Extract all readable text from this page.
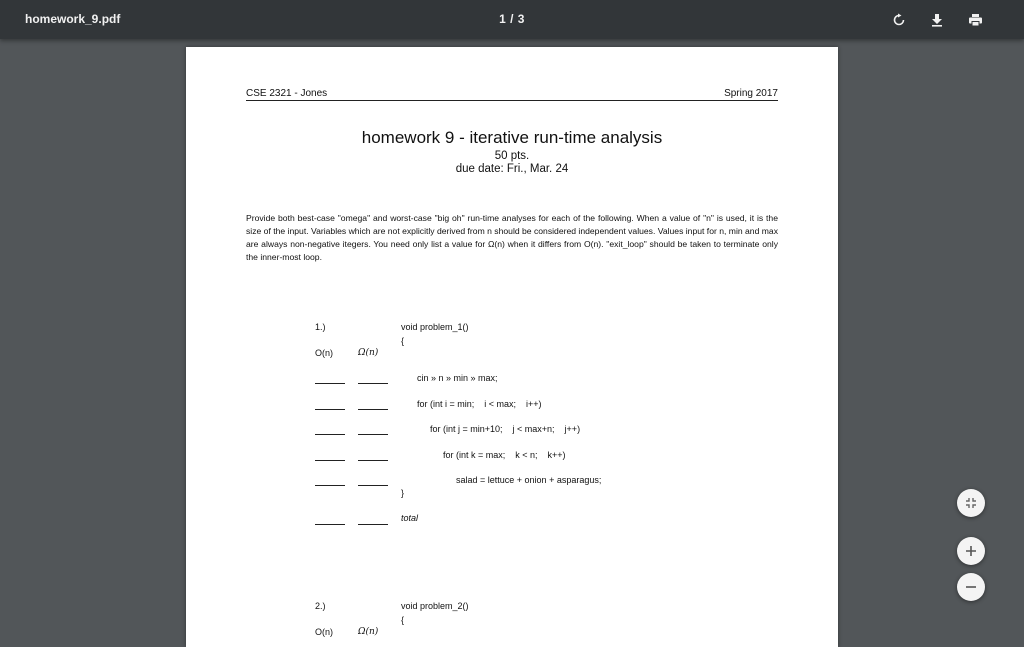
homework_9.pdf	1 / 3
CSE 2321 - Jones	Spring 2017
homework 9 - iterative run-time analysis
50 pts.
due date: Fri., Mar. 24
Provide both best-case "omega" and worst-case "big oh" run-time analyses for each of the following. When a value of "n" is used, it is the size of the input. Variables which are not explicitly derived from n should be considered independent values. Values input for n, min and max are always non-negative itegers. You need only list a value for Ω(n) when it differs from O(n). "exit_loop" should be taken to terminate only the inner-most loop.
1.)	void problem_1()
{
O(n)	Ω(n)
cin » n » min » max;
for (int i = min;    i < max;    i++)
for (int j = min+10;    j < max+n;    j++)
for (int k = max;    k < n;    k++)
salad = lettuce + onion + asparagus;
}
total
2.)	void problem_2()
{
O(n)	Ω(n)
